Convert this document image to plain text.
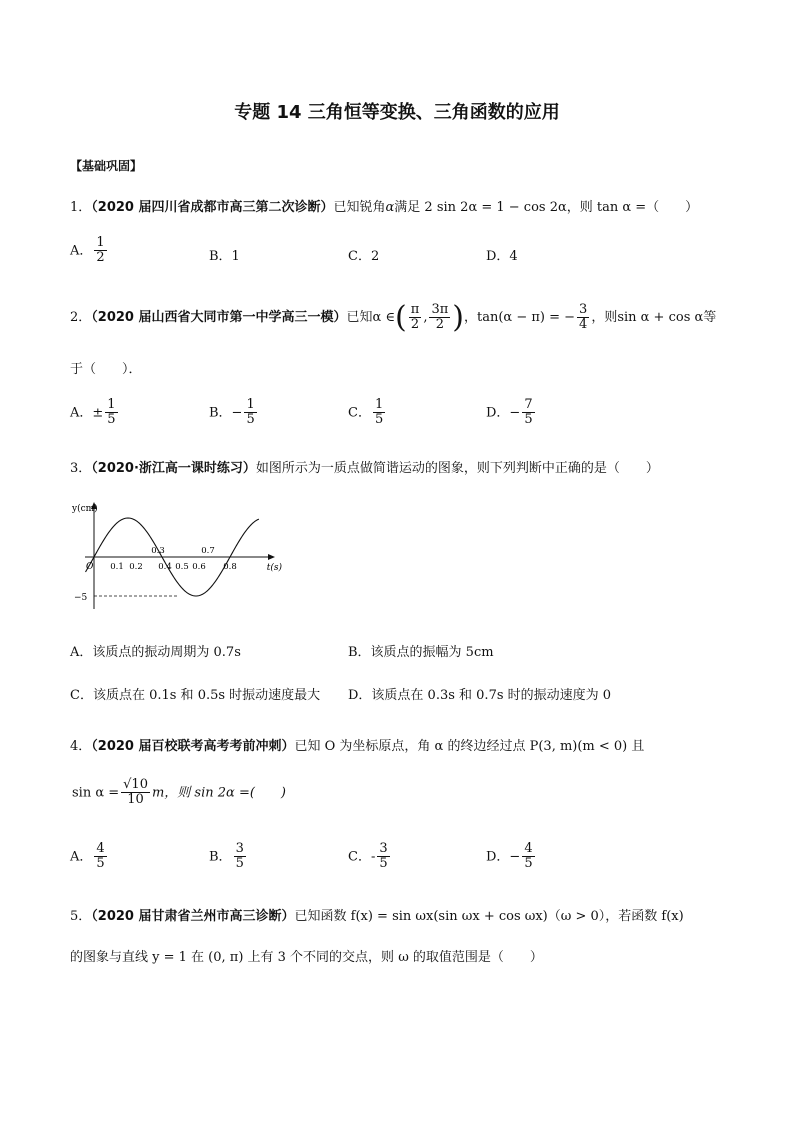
专题 14 三角恒等变换、三角函数的应用
【基础巩固】
1．（2020 届四川省成都市高三第二次诊断）已知锐角α满足 2 sin 2α = 1 − cos 2α，则 tan α =（　　）
A． $\frac{1}{2}$	B．1	C．2	D．4
2．（2020 届山西省大同市第一中学高三一模）已知α ∈( $\frac{\pi}{2}$ , $\frac{3\pi}{2}$ )，tan(α − π) = − $\frac{3}{4}$ ，则sin α + cos α等
于（　　）．
A．± $\frac{1}{5}$	B．− $\frac{1}{5}$	C． $\frac{1}{5}$	D．− $\frac{7}{5}$
3．（2020·浙江高一课时练习）如图所示为一质点做简谐运动的图象，则下列判断中正确的是（　　）
y(cm)
t(s)
O
−5
0.1 0.2 0.4 0.5 0.6 0.8
0.3	0.7
A．该质点的振动周期为 0.7s	B．该质点的振幅为 5cm
C．该质点在 0.1s 和 0.5s 时振动速度最大 D．该质点在 0.3s 和 0.7s 时的振动速度为 0
4．（2020 届百校联考高考考前冲刺）已知 O 为坐标原点，角 α 的终边经过点 P(3, m)(m < 0) 且
$\sin \alpha = \frac{√10}{10}$ m，则 sin 2α =(　　)
A． $\frac{4}{5}$	B． $\frac{3}{5}$	C．- $\frac{3}{5}$	D．− $\frac{4}{5}$
5．（2020 届甘肃省兰州市高三诊断）已知函数 f(x) = sin ωx(sin ωx + cos ωx)（ω > 0），若函数 f(x)
的图象与直线 y = 1 在 (0, π) 上有 3 个不同的交点，则 ω 的取值范围是（　　）
